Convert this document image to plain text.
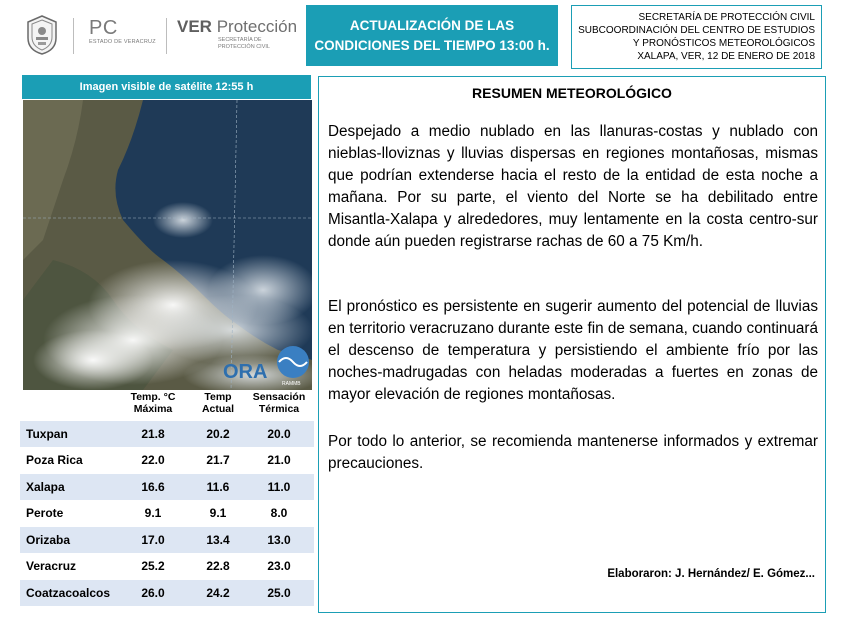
PC
ESTADO DE VERACRUZ
VER Protección
SECRETARÍA DE PROTECCIÓN CIVIL
ACTUALIZACIÓN DE LAS CONDICIONES DEL TIEMPO 13:00 h.
SECRETARÍA DE PROTECCIÓN CIVIL
SUBCOORDINACIÓN DEL CENTRO DE ESTUDIOS
Y PRONÓSTICOS METEOROLÓGICOS
XALAPA, VER, 12 DE ENERO DE 2018
Imagen visible de satélite 12:55 h
ORA
RAMMB
Temp. °C Máxima
Temp Actual
Sensación Térmica
Tuxpan	21.8	20.2	20.0
Poza Rica	22.0	21.7	21.0
Xalapa	16.6	11.6	11.0
Perote	9.1	9.1	8.0
Orizaba	17.0	13.4	13.0
Veracruz	25.2	22.8	23.0
Coatzacoalcos	26.0	24.2	25.0
RESUMEN METEOROLÓGICO
Despejado a medio nublado en las llanuras-costas y nublado con nieblas-lloviznas y lluvias dispersas en regiones montañosas, mismas que podrían extenderse hacia el resto de la entidad de esta noche a mañana. Por su parte, el viento del Norte se ha debilitado entre Misantla-Xalapa y alrededores, muy lentamente en la costa centro-sur donde aún pueden registrarse rachas de 60 a 75 Km/h.
El pronóstico es persistente en sugerir aumento del potencial de lluvias en territorio veracruzano durante este fin de semana, cuando continuará el descenso de temperatura y persistiendo el ambiente frío por las noches-madrugadas con heladas moderadas a fuertes en zonas de mayor elevación de regiones montañosas.
Por todo lo anterior, se recomienda mantenerse informados y extremar precauciones.
Elaboraron: J. Hernández/ E. Gómez...
